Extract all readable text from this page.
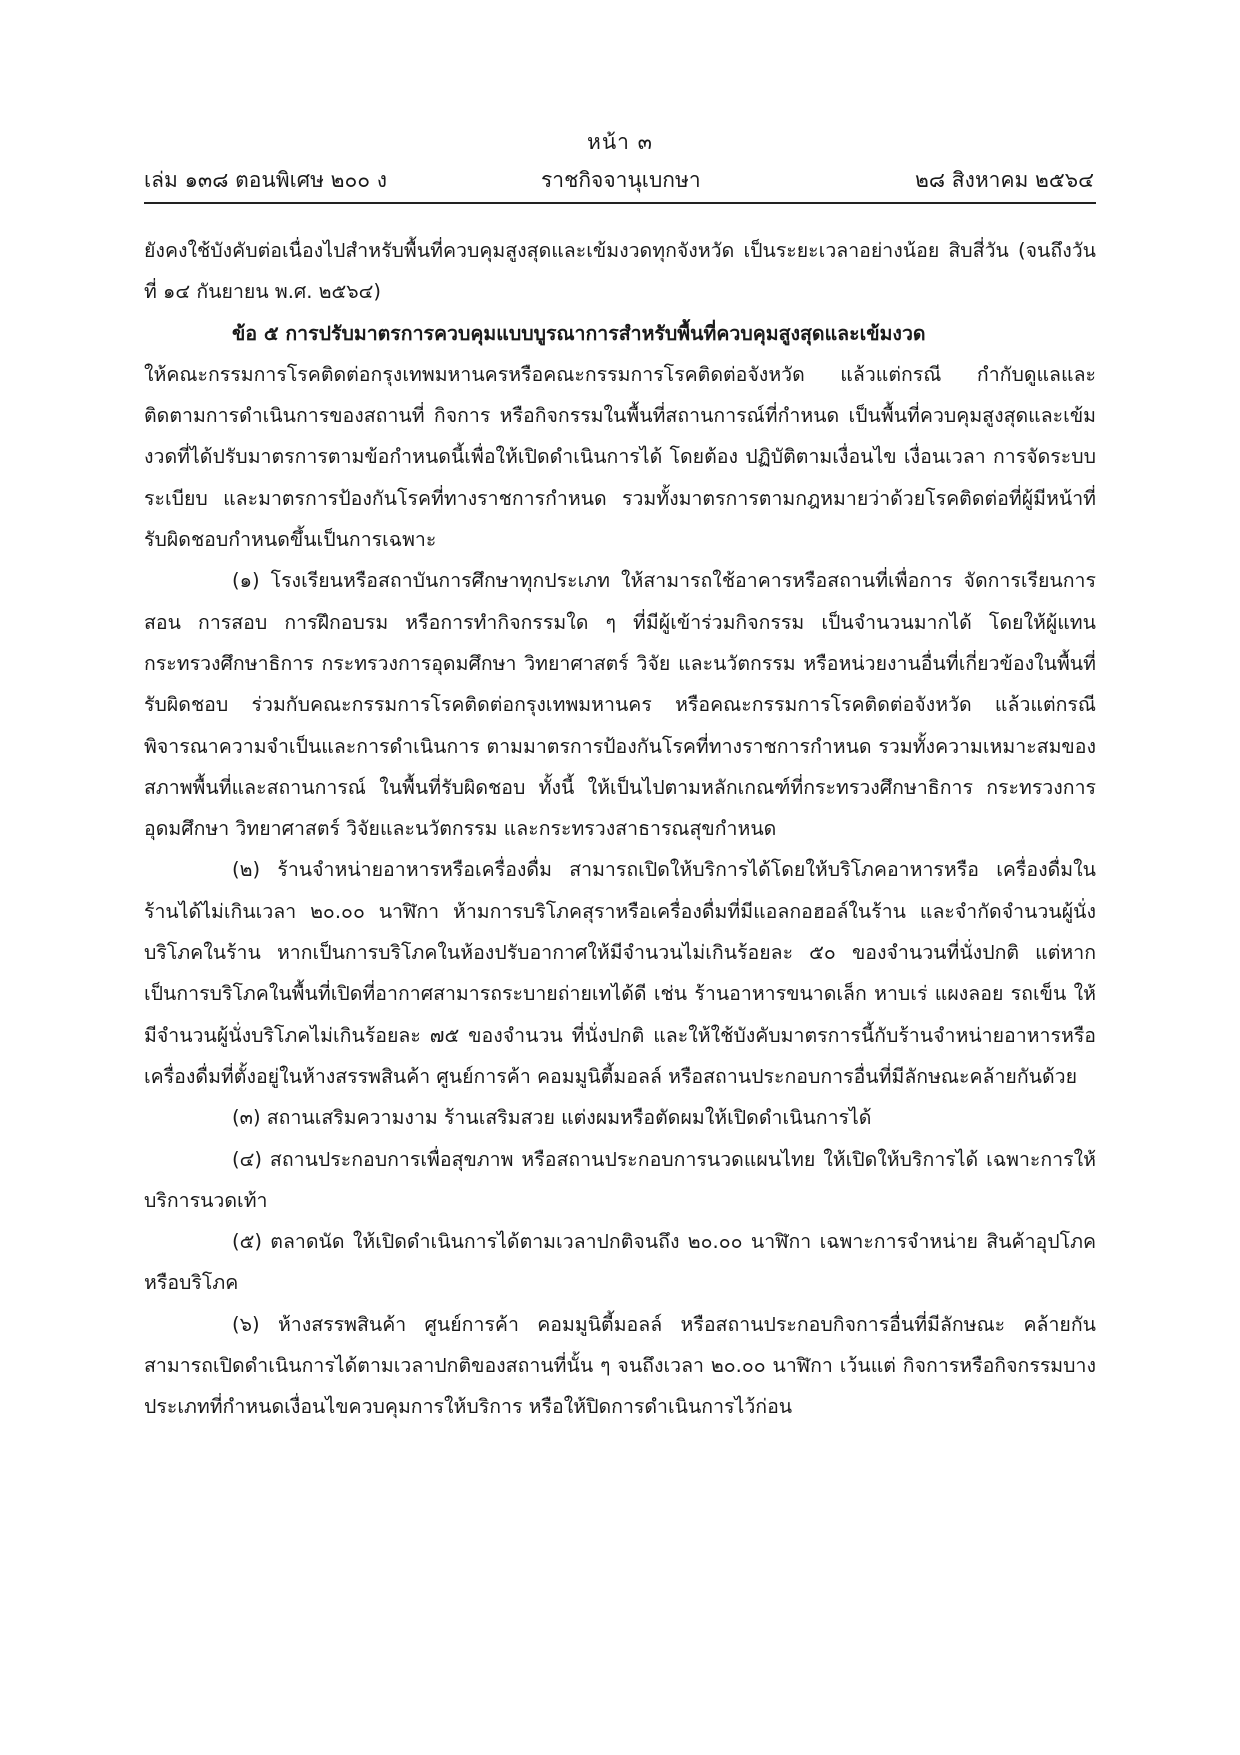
หน้า ๓
เล่ม ๑๓๘ ตอนพิเศษ ๒๐๐ ง	ราชกิจจานุเบกษา	๒๘ สิงหาคม ๒๕๖๔

ยังคงใช้บังคับต่อเนื่องไปสำหรับพื้นที่ควบคุมสูงสุดและเข้มงวดทุกจังหวัด เป็นระยะเวลาอย่างน้อย สิบสี่วัน (จนถึงวันที่ ๑๔ กันยายน พ.ศ. ๒๕๖๔)

ข้อ ๕ การปรับมาตรการควบคุมแบบบูรณาการสำหรับพื้นที่ควบคุมสูงสุดและเข้มงวด

ให้คณะกรรมการโรคติดต่อกรุงเทพมหานครหรือคณะกรรมการโรคติดต่อจังหวัด แล้วแต่กรณี กำกับดูแลและติดตามการดำเนินการของสถานที่ กิจการ หรือกิจกรรมในพื้นที่สถานการณ์ที่กำหนด เป็นพื้นที่ควบคุมสูงสุดและเข้มงวดที่ได้ปรับมาตรการตามข้อกำหนดนี้เพื่อให้เปิดดำเนินการได้ โดยต้อง ปฏิบัติตามเงื่อนไข เงื่อนเวลา การจัดระบบ ระเบียบ และมาตรการป้องกันโรคที่ทางราชการกำหนด รวมทั้งมาตรการตามกฎหมายว่าด้วยโรคติดต่อที่ผู้มีหน้าที่รับผิดชอบกำหนดขึ้นเป็นการเฉพาะ

(๑) โรงเรียนหรือสถาบันการศึกษาทุกประเภท ให้สามารถใช้อาคารหรือสถานที่เพื่อการ จัดการเรียนการสอน การสอบ การฝึกอบรม หรือการทำกิจกรรมใด ๆ ที่มีผู้เข้าร่วมกิจกรรม เป็นจำนวนมากได้ โดยให้ผู้แทนกระทรวงศึกษาธิการ กระทรวงการอุดมศึกษา วิทยาศาสตร์ วิจัย และนวัตกรรม หรือหน่วยงานอื่นที่เกี่ยวข้องในพื้นที่รับผิดชอบ ร่วมกับคณะกรรมการโรคติดต่อกรุงเทพมหานคร หรือคณะกรรมการโรคติดต่อจังหวัด แล้วแต่กรณี พิจารณาความจำเป็นและการดำเนินการ ตามมาตรการป้องกันโรคที่ทางราชการกำหนด รวมทั้งความเหมาะสมของสภาพพื้นที่และสถานการณ์ ในพื้นที่รับผิดชอบ ทั้งนี้ ให้เป็นไปตามหลักเกณฑ์ที่กระทรวงศึกษาธิการ กระทรวงการอุดมศึกษา วิทยาศาสตร์ วิจัยและนวัตกรรม และกระทรวงสาธารณสุขกำหนด

(๒) ร้านจำหน่ายอาหารหรือเครื่องดื่ม สามารถเปิดให้บริการได้โดยให้บริโภคอาหารหรือ เครื่องดื่มในร้านได้ไม่เกินเวลา ๒๐.๐๐ นาฬิกา ห้ามการบริโภคสุราหรือเครื่องดื่มที่มีแอลกอฮอล์ในร้าน และจำกัดจำนวนผู้นั่งบริโภคในร้าน หากเป็นการบริโภคในห้องปรับอากาศให้มีจำนวนไม่เกินร้อยละ ๕๐ ของจำนวนที่นั่งปกติ แต่หากเป็นการบริโภคในพื้นที่เปิดที่อากาศสามารถระบายถ่ายเทได้ดี เช่น ร้านอาหารขนาดเล็ก หาบเร่ แผงลอย รถเข็น ให้มีจำนวนผู้นั่งบริโภคไม่เกินร้อยละ ๗๕ ของจำนวน ที่นั่งปกติ และให้ใช้บังคับมาตรการนี้กับร้านจำหน่ายอาหารหรือเครื่องดื่มที่ตั้งอยู่ในห้างสรรพสินค้า ศูนย์การค้า คอมมูนิตี้มอลล์ หรือสถานประกอบการอื่นที่มีลักษณะคล้ายกันด้วย

(๓) สถานเสริมความงาม ร้านเสริมสวย แต่งผมหรือตัดผมให้เปิดดำเนินการได้

(๔) สถานประกอบการเพื่อสุขภาพ หรือสถานประกอบการนวดแผนไทย ให้เปิดให้บริการได้ เฉพาะการให้บริการนวดเท้า

(๕) ตลาดนัด ให้เปิดดำเนินการได้ตามเวลาปกติจนถึง ๒๐.๐๐ นาฬิกา เฉพาะการจำหน่าย สินค้าอุปโภคหรือบริโภค

(๖) ห้างสรรพสินค้า ศูนย์การค้า คอมมูนิตี้มอลล์ หรือสถานประกอบกิจการอื่นที่มีลักษณะ คล้ายกันสามารถเปิดดำเนินการได้ตามเวลาปกติของสถานที่นั้น ๆ จนถึงเวลา ๒๐.๐๐ นาฬิกา เว้นแต่ กิจการหรือกิจกรรมบางประเภทที่กำหนดเงื่อนไขควบคุมการให้บริการ หรือให้ปิดการดำเนินการไว้ก่อน
